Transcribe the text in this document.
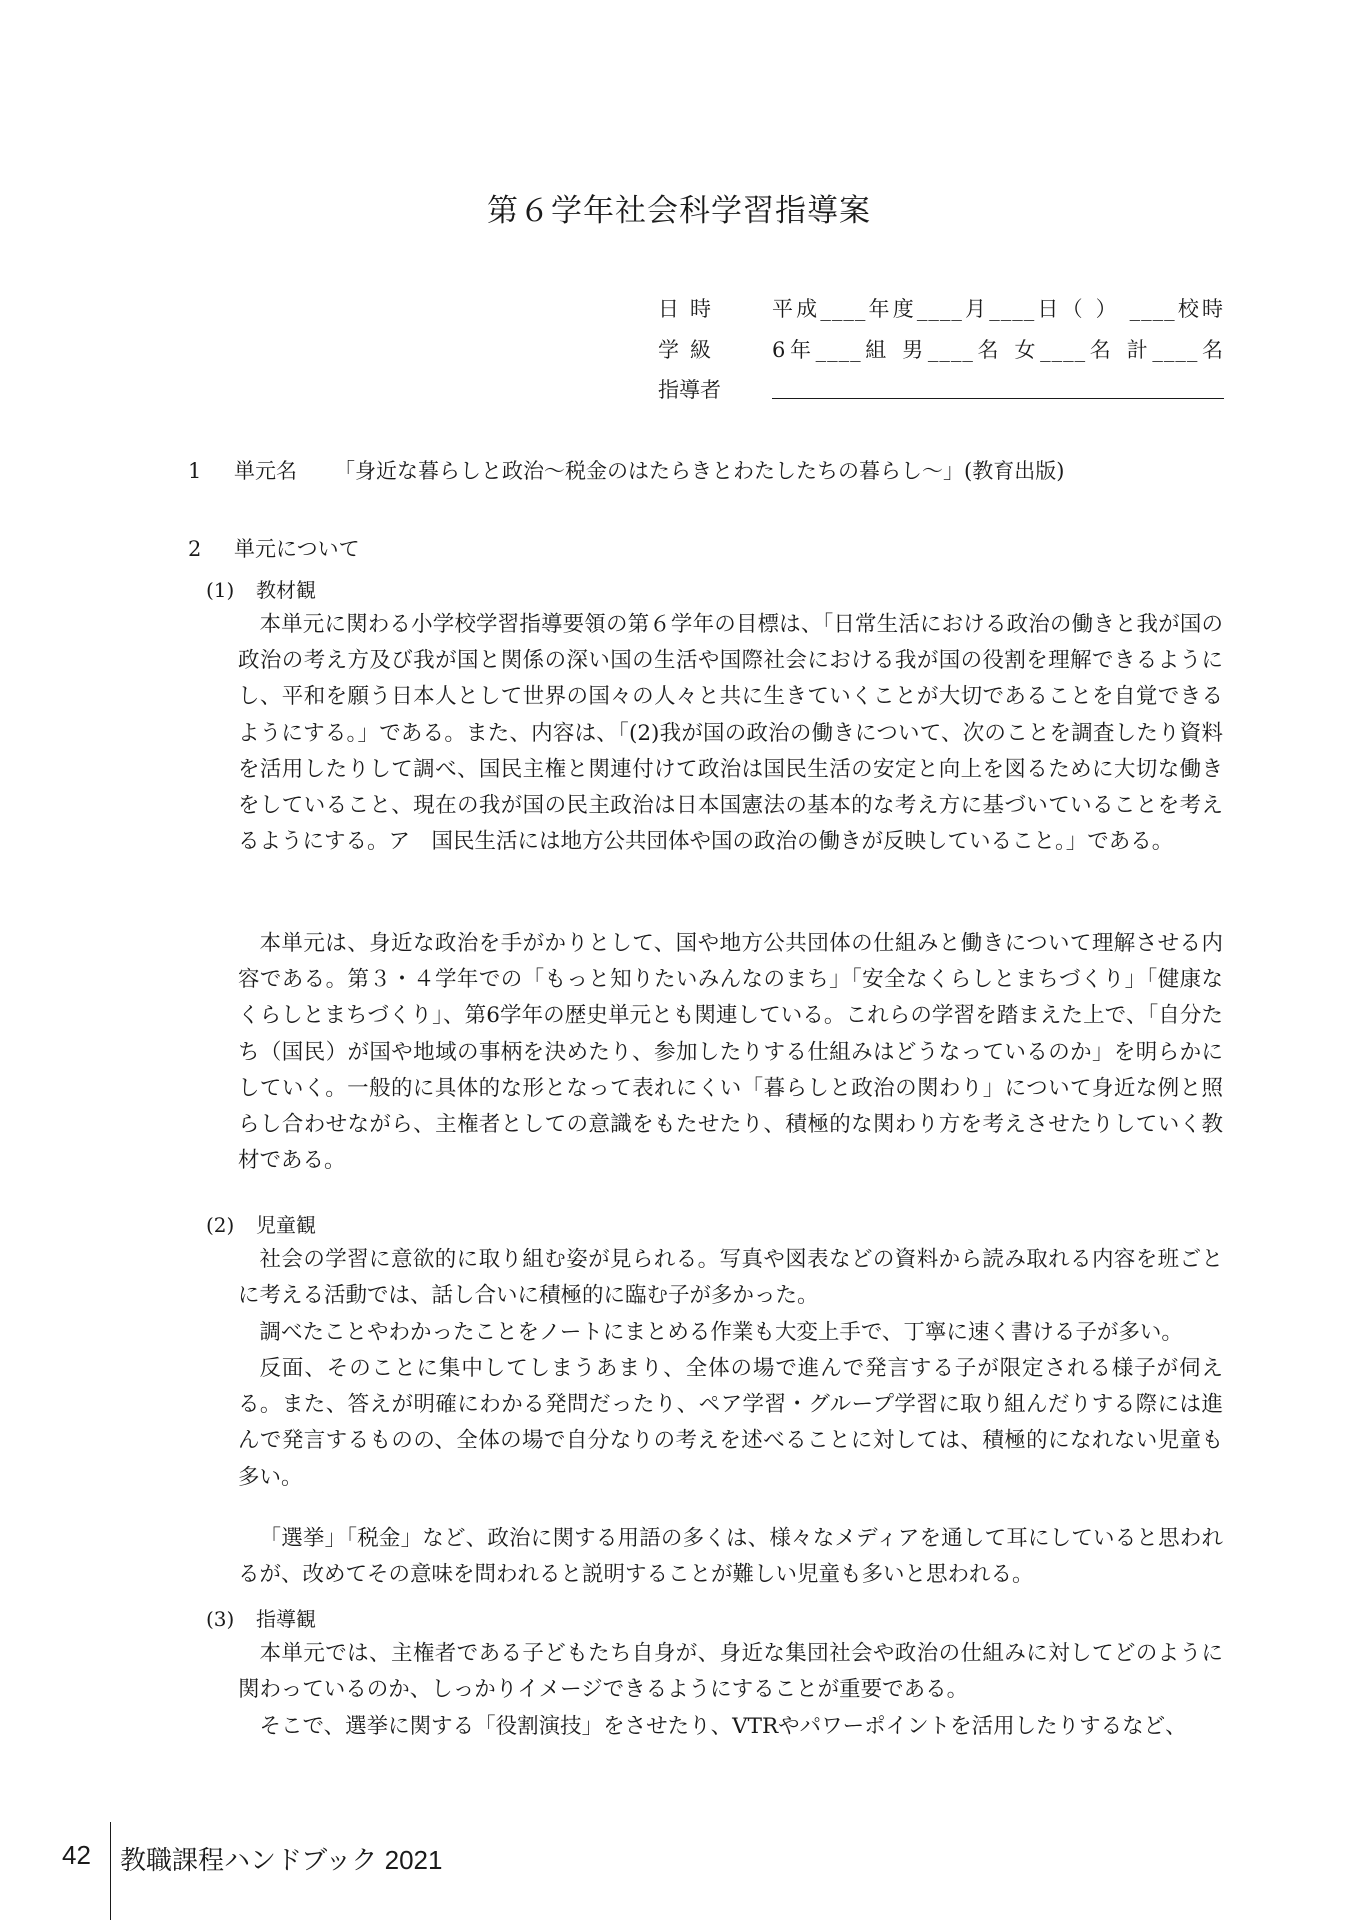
第６学年社会科学習指導案
日時 平成____年度____月____日（ ） ____校時
学級 6年____組 男____名 女____名 計____名
指導者
1 単元名 「身近な暮らしと政治〜税金のはたらきとわたしたちの暮らし〜」(教育出版)
2 単元について
(1) 教材観

本単元に関わる小学校学習指導要領の第６学年の目標は、「日常生活における政治の働きと我が国の政治の考え方及び我が国と関係の深い国の生活や国際社会における我が国の役割を理解できるようにし、平和を願う日本人として世界の国々の人々と共に生きていくことが大切であることを自覚できるようにする。」である。また、内容は、「(2)我が国の政治の働きについて、次のことを調査したり資料を活用したりして調べ、国民主権と関連付けて政治は国民生活の安定と向上を図るために大切な働きをしていること、現在の我が国の民主政治は日本国憲法の基本的な考え方に基づいていることを考えるようにする。ア　国民生活には地方公共団体や国の政治の働きが反映していること。」である。

本単元は、身近な政治を手がかりとして、国や地方公共団体の仕組みと働きについて理解させる内容である。第３・４学年での「もっと知りたいみんなのまち」「安全なくらしとまちづくり」「健康なくらしとまちづくり」、第6学年の歴史単元とも関連している。これらの学習を踏まえた上で、「自分たち（国民）が国や地域の事柄を決めたり、参加したりする仕組みはどうなっているのか」を明らかにしていく。一般的に具体的な形となって表れにくい「暮らしと政治の関わり」について身近な例と照らし合わせながら、主権者としての意識をもたせたり、積極的な関わり方を考えさせたりしていく教材である。

(2) 児童観

社会の学習に意欲的に取り組む姿が見られる。写真や図表などの資料から読み取れる内容を班ごとに考える活動では、話し合いに積極的に臨む子が多かった。

調べたことやわかったことをノートにまとめる作業も大変上手で、丁寧に速く書ける子が多い。

反面、そのことに集中してしまうあまり、全体の場で進んで発言する子が限定される様子が伺える。また、答えが明確にわかる発問だったり、ペア学習・グループ学習に取り組んだりする際には進んで発言するものの、全体の場で自分なりの考えを述べることに対しては、積極的になれない児童も多い。

「選挙」「税金」など、政治に関する用語の多くは、様々なメディアを通して耳にしていると思われるが、改めてその意味を問われると説明することが難しい児童も多いと思われる。

(3) 指導観

本単元では、主権者である子どもたち自身が、身近な集団社会や政治の仕組みに対してどのように関わっているのか、しっかりイメージできるようにすることが重要である。

そこで、選挙に関する「役割演技」をさせたり、VTRやパワーポイントを活用したりするなど、

42 教職課程ハンドブック 2021
